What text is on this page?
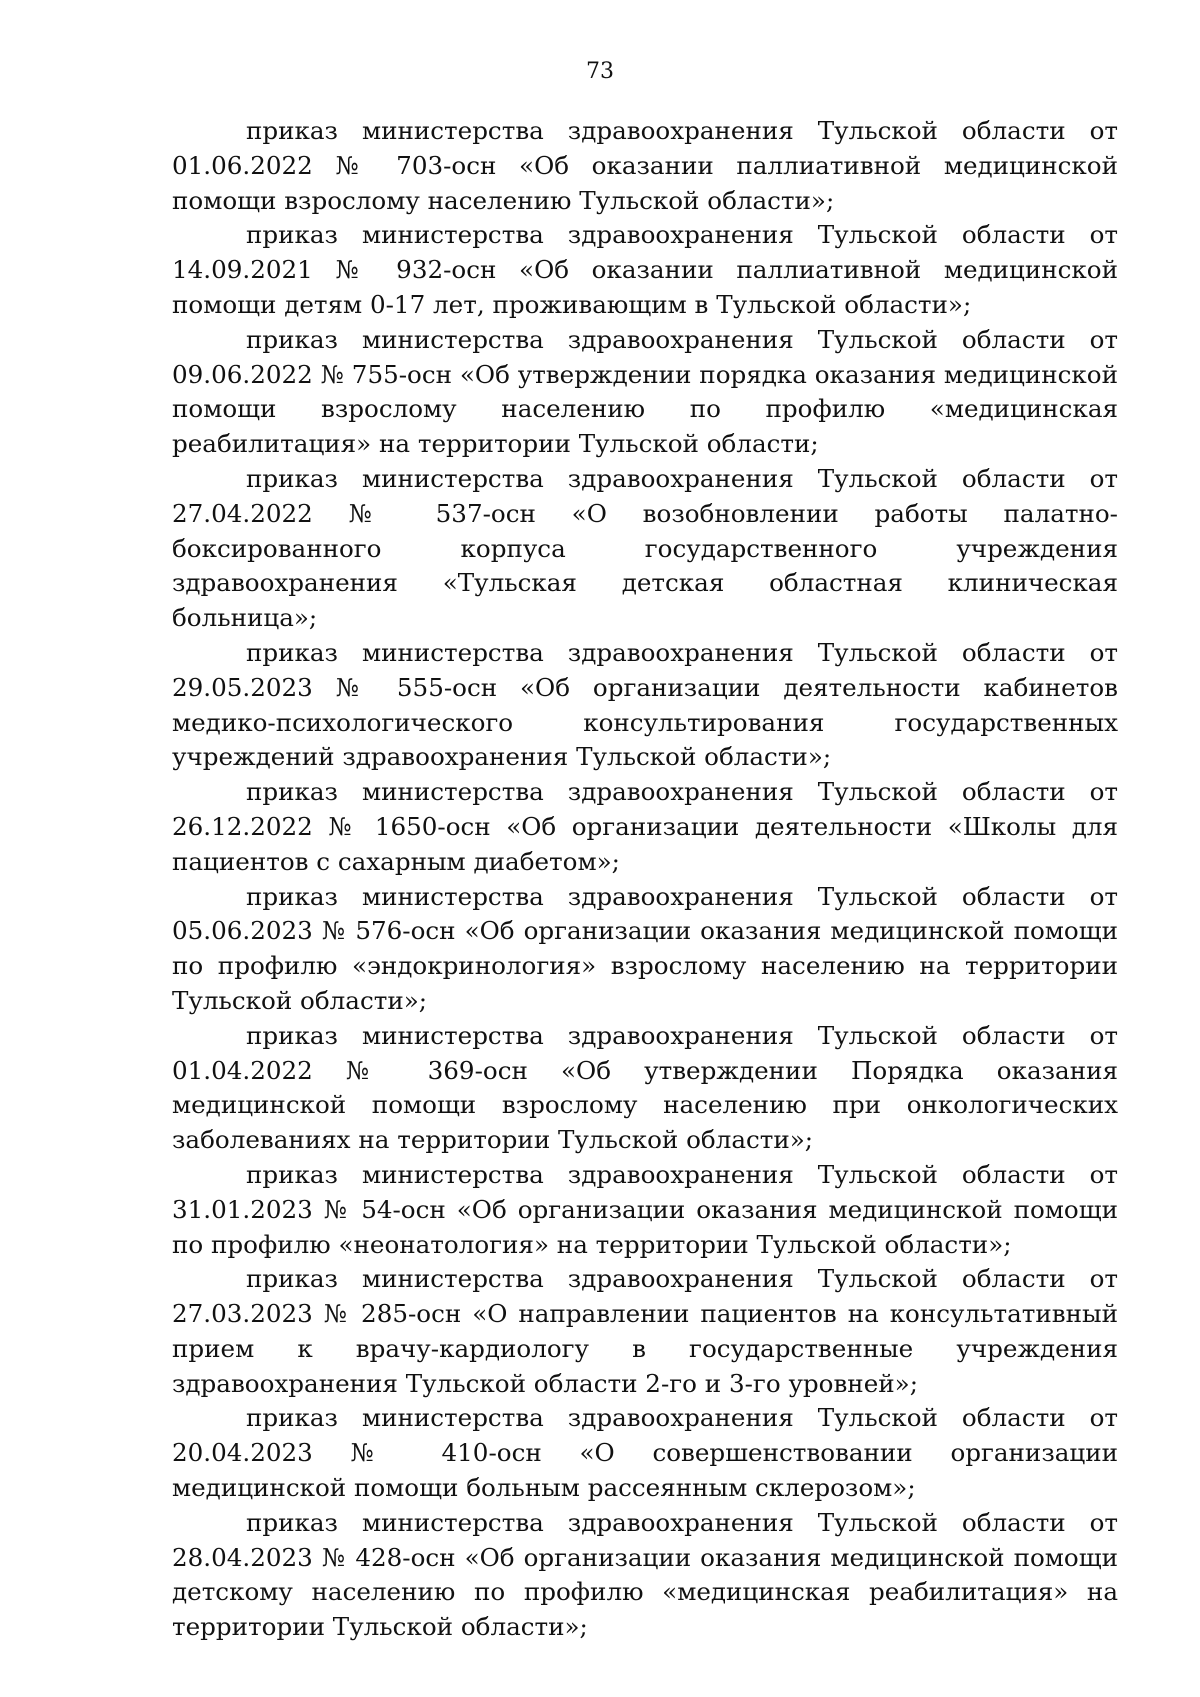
73

приказ министерства здравоохранения Тульской области от 01.06.2022 № 703-осн «Об оказании паллиативной медицинской помощи взрослому населению Тульской области»;

приказ министерства здравоохранения Тульской области от 14.09.2021 № 932-осн «Об оказании паллиативной медицинской помощи детям 0-17 лет, проживающим в Тульской области»;

приказ министерства здравоохранения Тульской области от 09.06.2022 № 755-осн «Об утверждении порядка оказания медицинской помощи взрослому населению по профилю «медицинская реабилитация» на территории Тульской области;

приказ министерства здравоохранения Тульской области от 27.04.2022 № 537-осн «О возобновлении работы палатно-боксированного корпуса государственного учреждения здравоохранения «Тульская детская областная клиническая больница»;

приказ министерства здравоохранения Тульской области от 29.05.2023 № 555-осн «Об организации деятельности кабинетов медико-психологического консультирования государственных учреждений здравоохранения Тульской области»;

приказ министерства здравоохранения Тульской области от 26.12.2022 № 1650-осн «Об организации деятельности «Школы для пациентов с сахарным диабетом»;

приказ министерства здравоохранения Тульской области от 05.06.2023 № 576-осн «Об организации оказания медицинской помощи по профилю «эндокринология» взрослому населению на территории Тульской области»;

приказ министерства здравоохранения Тульской области от 01.04.2022 № 369-осн «Об утверждении Порядка оказания медицинской помощи взрослому населению при онкологических заболеваниях на территории Тульской области»;

приказ министерства здравоохранения Тульской области от 31.01.2023 № 54-осн «Об организации оказания медицинской помощи по профилю «неонатология» на территории Тульской области»;

приказ министерства здравоохранения Тульской области от 27.03.2023 № 285-осн «О направлении пациентов на консультативный прием к врачу-кардиологу в государственные учреждения здравоохранения Тульской области 2-го и 3-го уровней»;

приказ министерства здравоохранения Тульской области от 20.04.2023 № 410-осн «О совершенствовании организации медицинской помощи больным рассеянным склерозом»;

приказ министерства здравоохранения Тульской области от 28.04.2023 № 428-осн «Об организации оказания медицинской помощи детскому населению по профилю «медицинская реабилитация» на территории Тульской области»;
